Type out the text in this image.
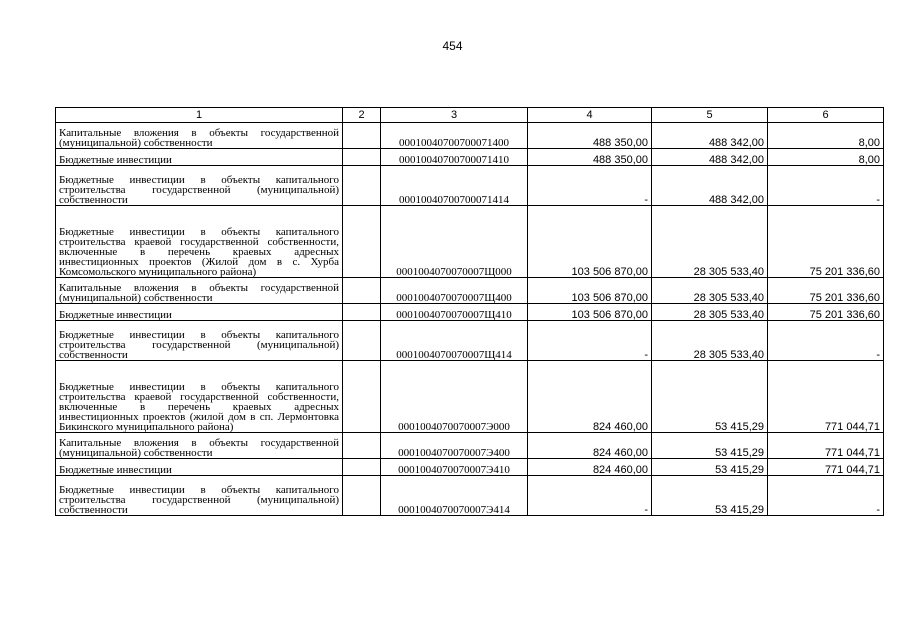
454
1	2	3	4	5	6
Капитальные вложения в объекты государственной (муниципальной) собственности		00010040700700071400	488 350,00	488 342,00	8,00
Бюджетные инвестиции		00010040700700071410	488 350,00	488 342,00	8,00
Бюджетные инвестиции в объекты капитального строительства государственной (муниципальной) собственности		00010040700700071414	-	488 342,00	-
Бюджетные инвестиции в объекты капитального строительства краевой государственной собственности, включенные в перечень краевых адресных инвестиционных проектов (Жилой дом в с. Хурба Комсомольского муниципального района)		0001004070070007Щ000	103 506 870,00	28 305 533,40	75 201 336,60
Капитальные вложения в объекты государственной (муниципальной) собственности		0001004070070007Щ400	103 506 870,00	28 305 533,40	75 201 336,60
Бюджетные инвестиции		0001004070070007Щ410	103 506 870,00	28 305 533,40	75 201 336,60
Бюджетные инвестиции в объекты капитального строительства государственной (муниципальной) собственности		0001004070070007Щ414	-	28 305 533,40	-
Бюджетные инвестиции в объекты капитального строительства краевой государственной собственности, включенные в перечень краевых адресных инвестиционных проектов (жилой дом в сп. Лермонтовка Бикинского муниципального района)		0001004070070007Э000	824 460,00	53 415,29	771 044,71
Капитальные вложения в объекты государственной (муниципальной) собственности		0001004070070007Э400	824 460,00	53 415,29	771 044,71
Бюджетные инвестиции		0001004070070007Э410	824 460,00	53 415,29	771 044,71
Бюджетные инвестиции в объекты капитального строительства государственной (муниципальной) собственности		0001004070070007Э414	-	53 415,29	-
